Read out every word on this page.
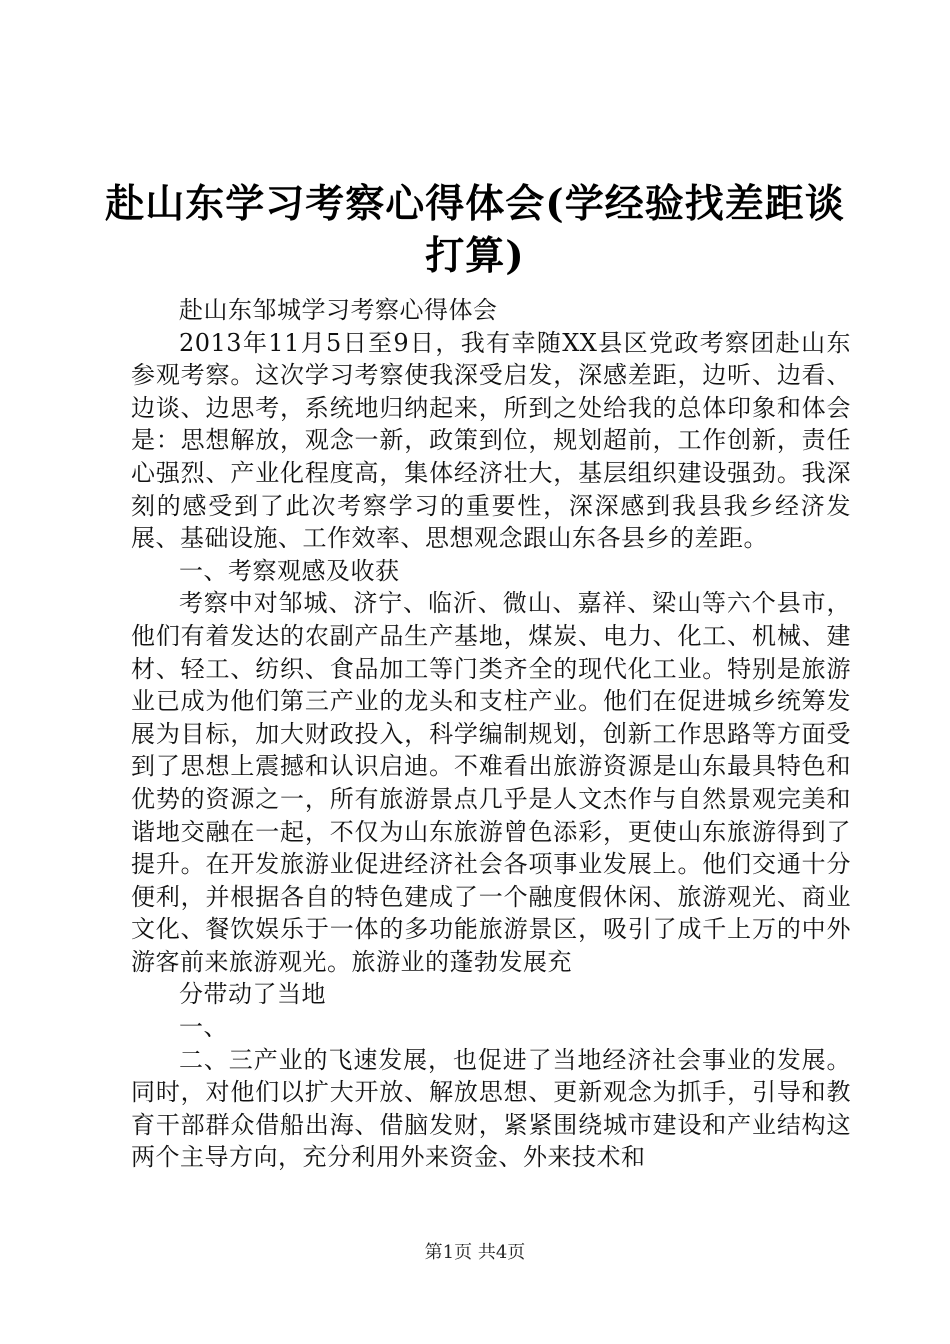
赴山东学习考察心得体会(学经验找差距谈打算)

赴山东邹城学习考察心得体会

2013年11月5日至9日，我有幸随XX县区党政考察团赴山东参观考察。这次学习考察使我深受启发，深感差距，边听、边看、边谈、边思考，系统地归纳起来，所到之处给我的总体印象和体会是：思想解放，观念一新，政策到位，规划超前，工作创新，责任心强烈、产业化程度高，集体经济壮大，基层组织建设强劲。我深刻的感受到了此次考察学习的重要性，深深感到我县我乡经济发展、基础设施、工作效率、思想观念跟山东各县乡的差距。

一、考察观感及收获

考察中对邹城、济宁、临沂、微山、嘉祥、梁山等六个县市，他们有着发达的农副产品生产基地，煤炭、电力、化工、机械、建材、轻工、纺织、食品加工等门类齐全的现代化工业。特别是旅游业已成为他们第三产业的龙头和支柱产业。他们在促进城乡统筹发展为目标，加大财政投入，科学编制规划，创新工作思路等方面受到了思想上震撼和认识启迪。不难看出旅游资源是山东最具特色和优势的资源之一，所有旅游景点几乎是人文杰作与自然景观完美和谐地交融在一起，不仅为山东旅游曾色添彩，更使山东旅游得到了提升。在开发旅游业促进经济社会各项事业发展上。他们交通十分便利，并根据各自的特色建成了一个融度假休闲、旅游观光、商业文化、餐饮娱乐于一体的多功能旅游景区，吸引了成千上万的中外游客前来旅游观光。旅游业的蓬勃发展充

分带动了当地

一、

二、三产业的飞速发展，也促进了当地经济社会事业的发展。同时，对他们以扩大开放、解放思想、更新观念为抓手，引导和教育干部群众借船出海、借脑发财，紧紧围绕城市建设和产业结构这两个主导方向，充分利用外来资金、外来技术和

第1页 共4页
